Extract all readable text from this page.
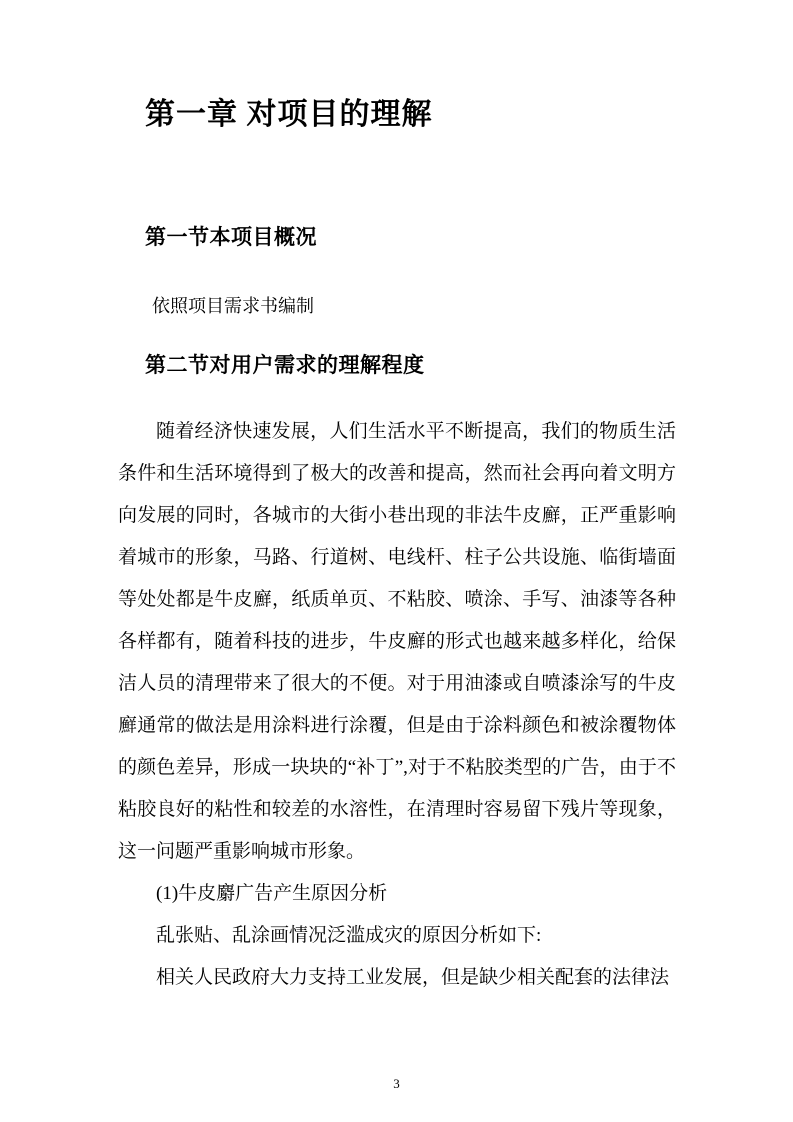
第一章 对项目的理解
第一节本项目概况

依照项目需求书编制

第二节对用户需求的理解程度
随着经济快速发展，人们生活水平不断提高，我们的物质生活
条件和生活环境得到了极大的改善和提高，然而社会再向着文明方
向发展的同时，各城市的大街小巷出现的非法牛皮廯，正严重影响
着城市的形象，马路、行道树、电线杆、柱子公共设施、临街墙面
等处处都是牛皮廯，纸质单页、不粘胶、喷涂、手写、油漆等各种
各样都有，随着科技的进步，牛皮廯的形式也越来越多样化，给保
洁人员的清理带来了很大的不便。对于用油漆或自喷漆涂写的牛皮
廯通常的做法是用涂料进行涂覆，但是由于涂料颜色和被涂覆物体
的颜色差异，形成一块块的“补丁”,对于不粘胶类型的广告，由于不
粘胶良好的粘性和较差的水溶性，在清理时容易留下残片等现象，
这一问题严重影响城市形象。
(1)牛皮麝广告产生原因分析
乱张贴、乱涂画情况泛滥成灾的原因分析如下:
相关人民政府大力支持工业发展，但是缺少相关配套的法律法
3
